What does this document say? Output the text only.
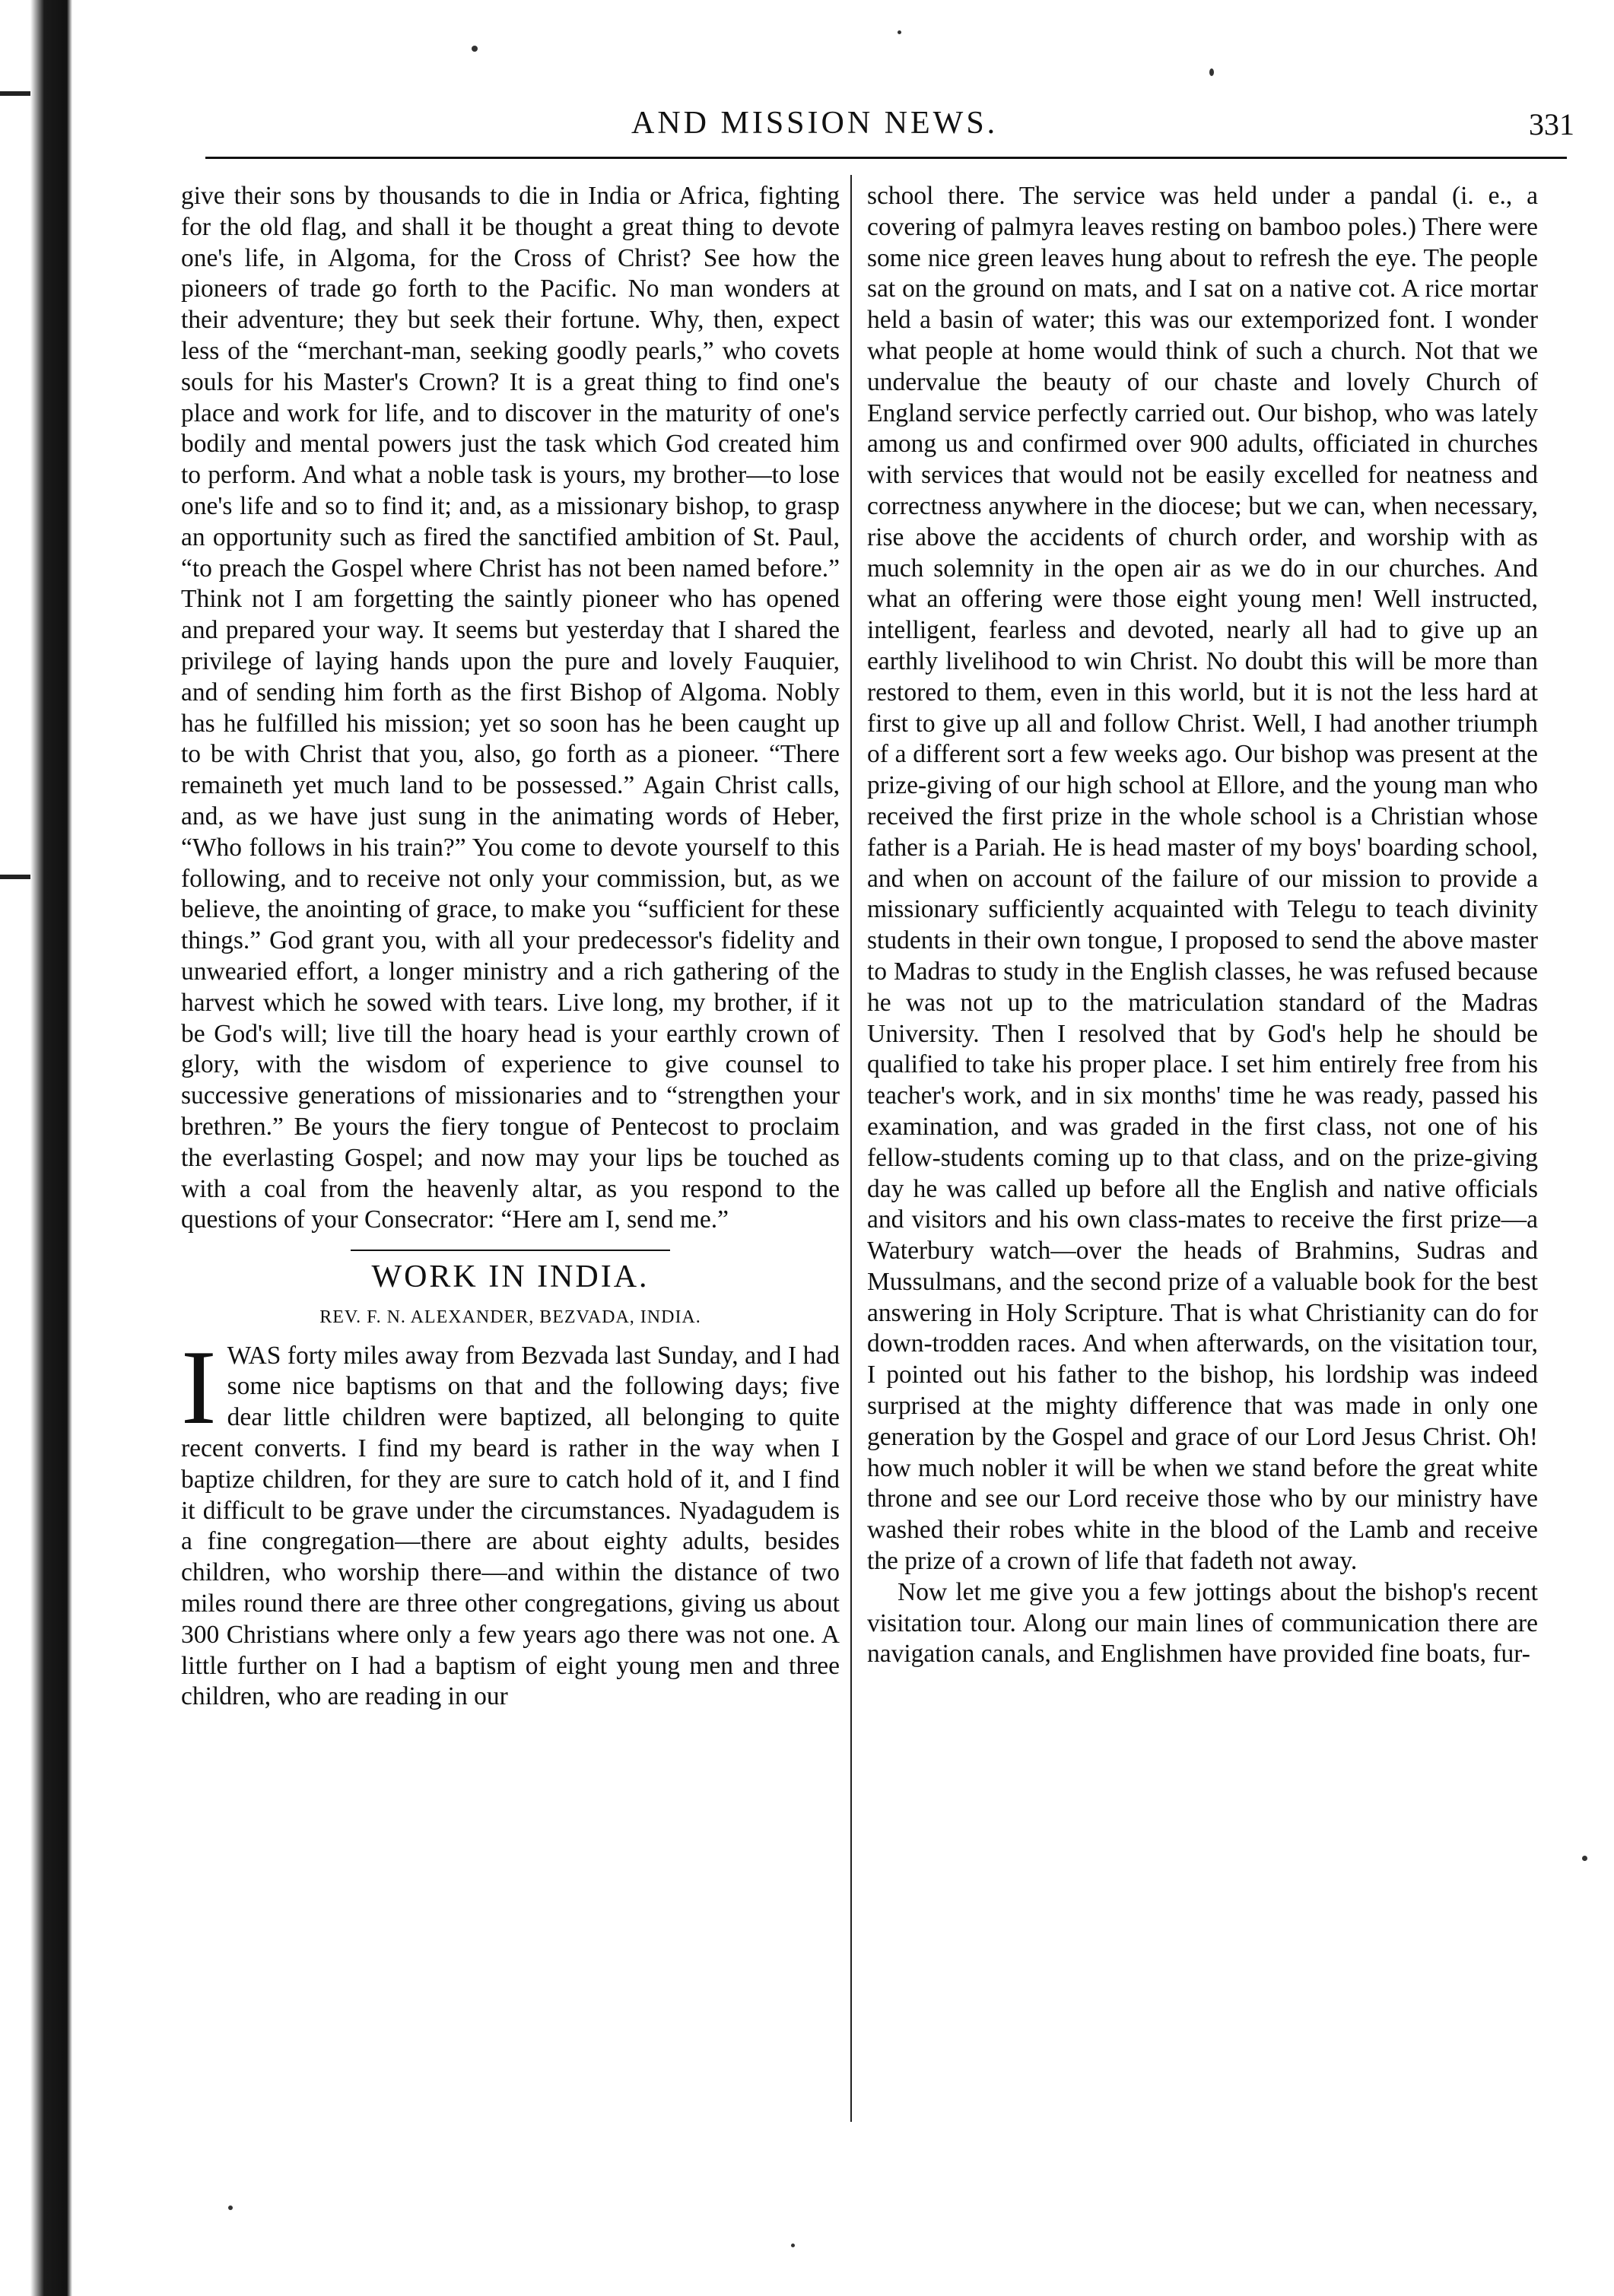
AND MISSION NEWS.	331

give their sons by thousands to die in India or Africa, fighting for the old flag, and shall it be thought a great thing to devote one's life, in Algoma, for the Cross of Christ? See how the pioneers of trade go forth to the Pacific. No man wonders at their adventure; they but seek their fortune. Why, then, expect less of the “merchant-man, seeking goodly pearls,” who covets souls for his Master's Crown? It is a great thing to find one's place and work for life, and to discover in the maturity of one's bodily and mental powers just the task which God created him to perform. And what a noble task is yours, my brother—to lose one's life and so to find it; and, as a missionary bishop, to grasp an opportunity such as fired the sanctified ambition of St. Paul, “to preach the Gospel where Christ has not been named before.” Think not I am forgetting the saintly pioneer who has opened and prepared your way. It seems but yesterday that I shared the privilege of laying hands upon the pure and lovely Fauquier, and of sending him forth as the first Bishop of Algoma. Nobly has he fulfilled his mission; yet so soon has he been caught up to be with Christ that you, also, go forth as a pioneer. “There remaineth yet much land to be possessed.” Again Christ calls, and, as we have just sung in the animating words of Heber, “Who follows in his train?” You come to devote yourself to this following, and to receive not only your commission, but, as we believe, the anointing of grace, to make you “sufficient for these things.” God grant you, with all your predecessor's fidelity and unwearied effort, a longer ministry and a rich gathering of the harvest which he sowed with tears. Live long, my brother, if it be God's will; live till the hoary head is your earthly crown of glory, with the wisdom of experience to give counsel to successive generations of missionaries and to “strengthen your brethren.” Be yours the fiery tongue of Pentecost to proclaim the everlasting Gospel; and now may your lips be touched as with a coal from the heavenly altar, as you respond to the questions of your Consecrator: “Here am I, send me.”

WORK IN INDIA.
REV. F. N. ALEXANDER, BEZVADA, INDIA.

I WAS forty miles away from Bezvada last Sunday, and I had some nice baptisms on that and the following days; five dear little children were baptized, all belonging to quite recent converts. I find my beard is rather in the way when I baptize children, for they are sure to catch hold of it, and I find it difficult to be grave under the circumstances. Nyadagudem is a fine congregation—there are about eighty adults, besides children, who worship there—and within the distance of two miles round there are three other congregations, giving us about 300 Christians where only a few years ago there was not one. A little further on I had a baptism of eight young men and three children, who are reading in our

school there. The service was held under a pandal (i. e., a covering of palmyra leaves resting on bamboo poles.) There were some nice green leaves hung about to refresh the eye. The people sat on the ground on mats, and I sat on a native cot. A rice mortar held a basin of water; this was our extemporized font. I wonder what people at home would think of such a church. Not that we undervalue the beauty of our chaste and lovely Church of England service perfectly carried out. Our bishop, who was lately among us and confirmed over 900 adults, officiated in churches with services that would not be easily excelled for neatness and correctness anywhere in the diocese; but we can, when necessary, rise above the accidents of church order, and worship with as much solemnity in the open air as we do in our churches. And what an offering were those eight young men! Well instructed, intelligent, fearless and devoted, nearly all had to give up an earthly livelihood to win Christ. No doubt this will be more than restored to them, even in this world, but it is not the less hard at first to give up all and follow Christ. Well, I had another triumph of a different sort a few weeks ago. Our bishop was present at the prize-giving of our high school at Ellore, and the young man who received the first prize in the whole school is a Christian whose father is a Pariah. He is head master of my boys' boarding school, and when on account of the failure of our mission to provide a missionary sufficiently acquainted with Telegu to teach divinity students in their own tongue, I proposed to send the above master to Madras to study in the English classes, he was refused because he was not up to the matriculation standard of the Madras University. Then I resolved that by God's help he should be qualified to take his proper place. I set him entirely free from his teacher's work, and in six months' time he was ready, passed his examination, and was graded in the first class, not one of his fellow-students coming up to that class, and on the prize-giving day he was called up before all the English and native officials and visitors and his own class-mates to receive the first prize—a Waterbury watch—over the heads of Brahmins, Sudras and Mussulmans, and the second prize of a valuable book for the best answering in Holy Scripture. That is what Christianity can do for down-trodden races. And when afterwards, on the visitation tour, I pointed out his father to the bishop, his lordship was indeed surprised at the mighty difference that was made in only one generation by the Gospel and grace of our Lord Jesus Christ. Oh! how much nobler it will be when we stand before the great white throne and see our Lord receive those who by our ministry have washed their robes white in the blood of the Lamb and receive the prize of a crown of life that fadeth not away.

Now let me give you a few jottings about the bishop's recent visitation tour. Along our main lines of communication there are navigation canals, and Englishmen have provided fine boats, fur-
